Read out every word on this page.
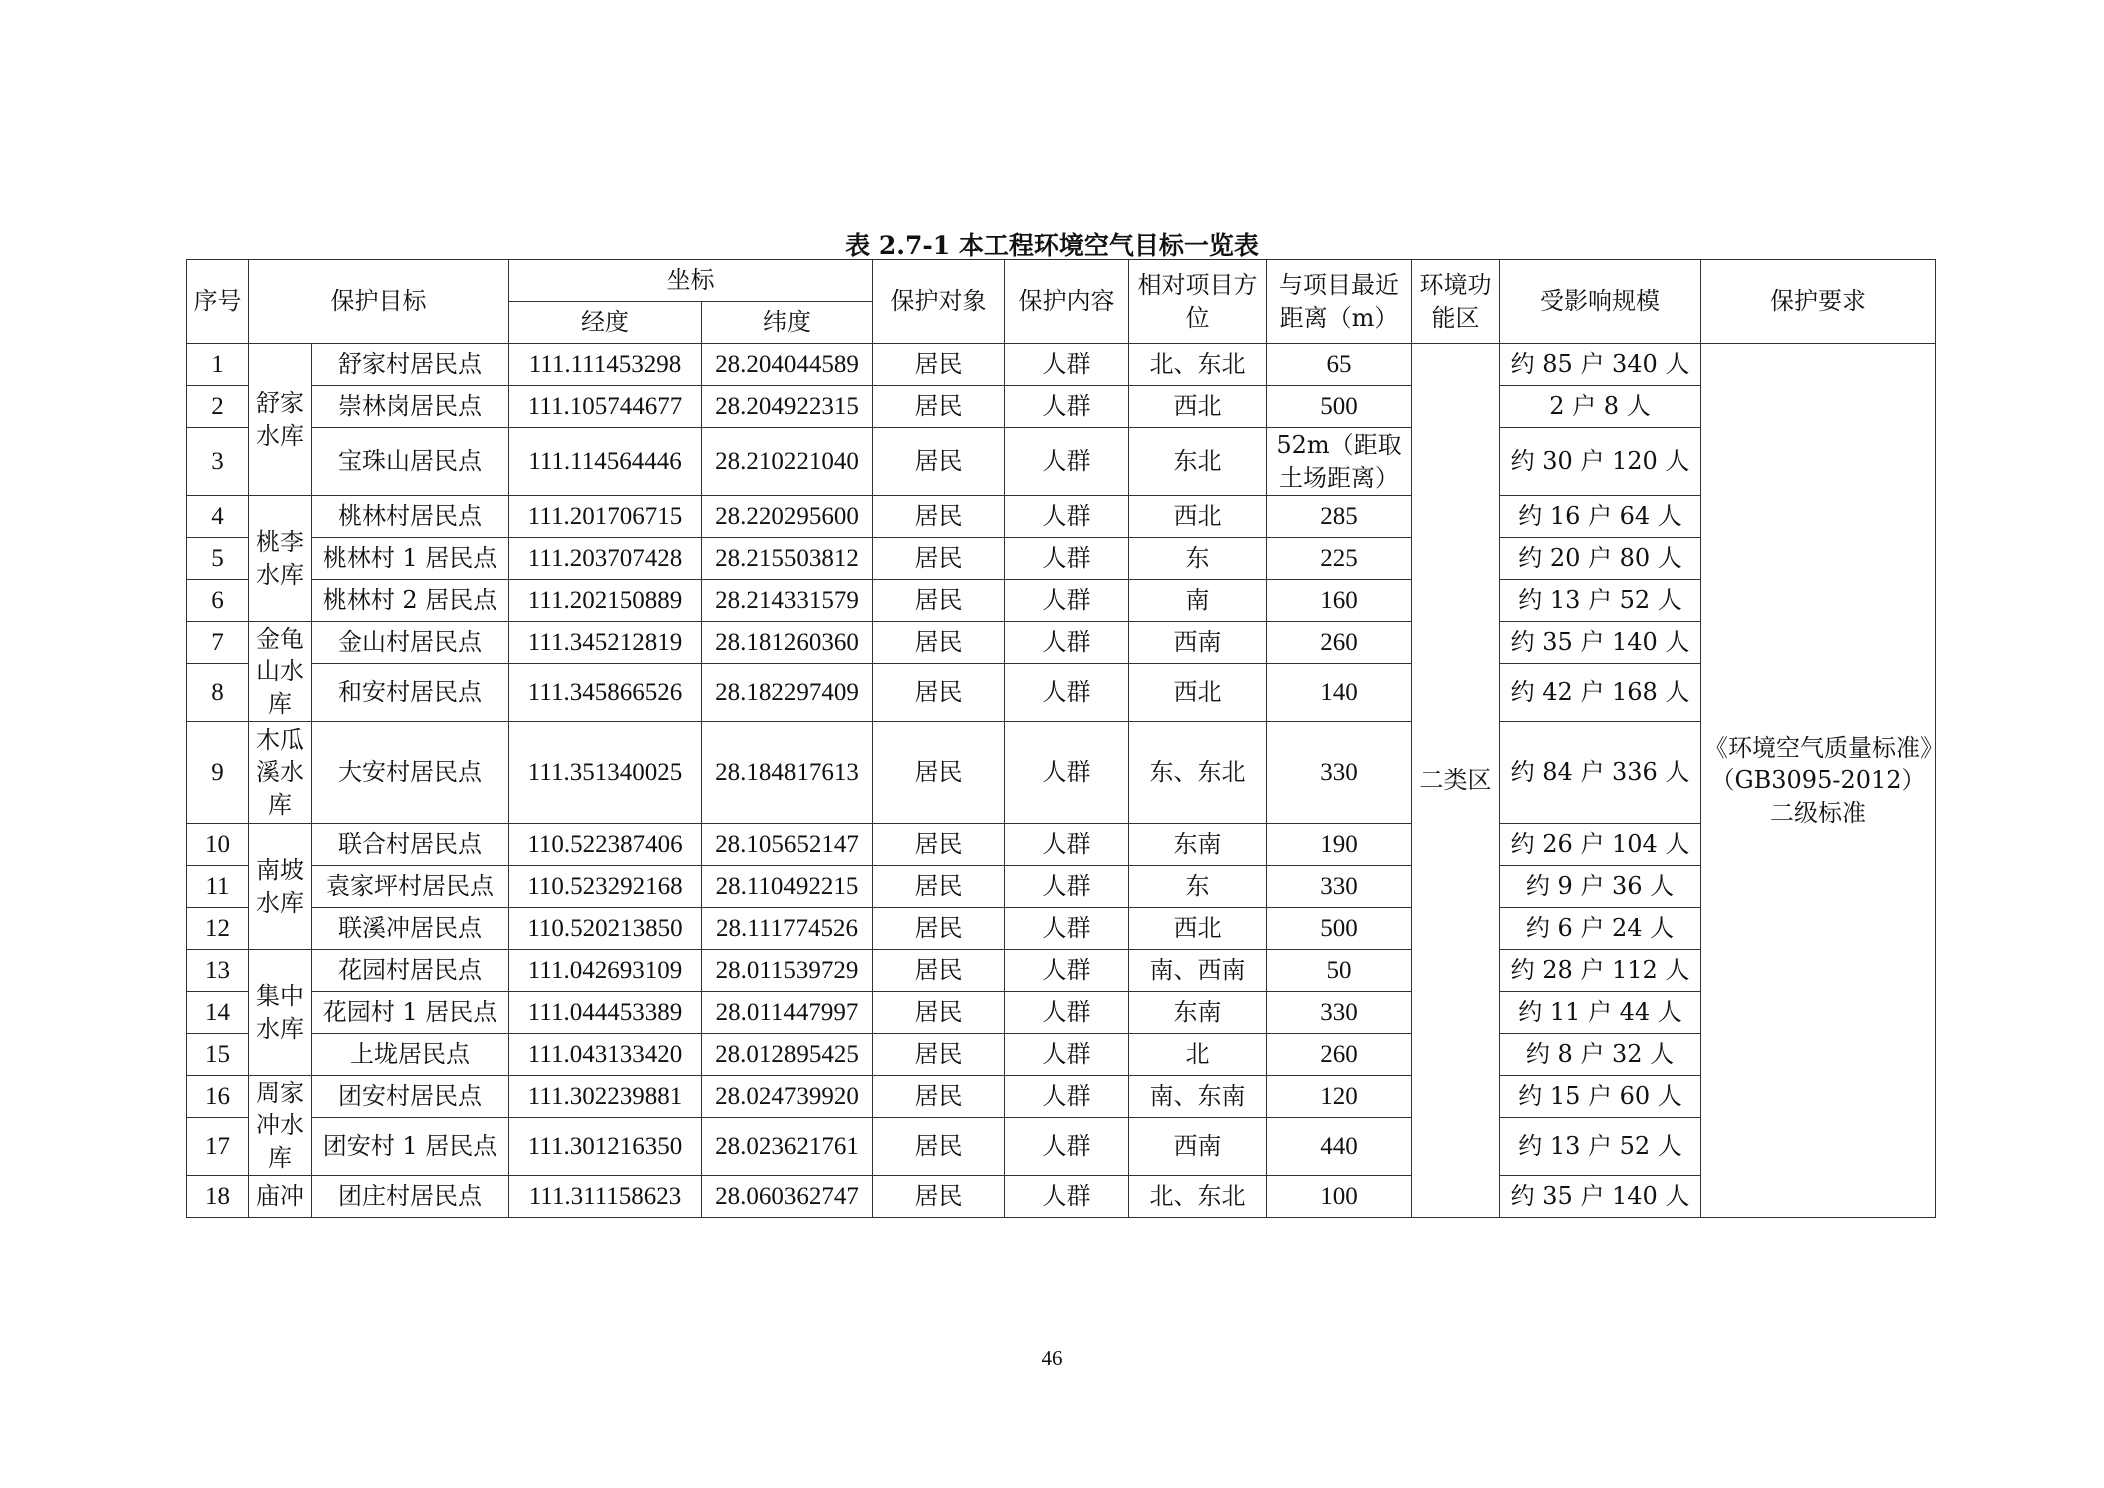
表 2.7-1 本工程环境空气目标一览表
序号	保护目标		坐标		保护对象	保护内容	相对项目方位	与项目最近距离（m）	环境功能区	受影响规模	保护要求
			经度	纬度							
1	舒家水库	舒家村居民点	111.111453298	28.204044589	居民	人群	北、东北	65	二类区	约 85 户 340 人	《环境空气质量标准》（GB3095-2012）二级标准
2		崇林岗居民点	111.105744677	28.204922315	居民	人群	西北	500		2 户 8 人	
3		宝珠山居民点	111.114564446	28.210221040	居民	人群	东北	52m（距取土场距离）		约 30 户 120 人	
4	桃李水库	桃林村居民点	111.201706715	28.220295600	居民	人群	西北	285		约 16 户 64 人	
5		桃林村 1 居民点	111.203707428	28.215503812	居民	人群	东	225		约 20 户 80 人	
6		桃林村 2 居民点	111.202150889	28.214331579	居民	人群	南	160		约 13 户 52 人	
7	金龟山水库	金山村居民点	111.345212819	28.181260360	居民	人群	西南	260		约 35 户 140 人	
8		和安村居民点	111.345866526	28.182297409	居民	人群	西北	140		约 42 户 168 人	
9	木瓜溪水库	大安村居民点	111.351340025	28.184817613	居民	人群	东、东北	330		约 84 户 336 人	
10	南坡水库	联合村居民点	110.522387406	28.105652147	居民	人群	东南	190		约 26 户 104 人	
11		袁家坪村居民点	110.523292168	28.110492215	居民	人群	东	330		约 9 户 36 人	
12		联溪冲居民点	110.520213850	28.111774526	居民	人群	西北	500		约 6 户 24 人	
13	集中水库	花园村居民点	111.042693109	28.011539729	居民	人群	南、西南	50		约 28 户 112 人	
14		花园村 1 居民点	111.044453389	28.011447997	居民	人群	东南	330		约 11 户 44 人	
15		上垅居民点	111.043133420	28.012895425	居民	人群	北	260		约 8 户 32 人	
16	周家冲水库	团安村居民点	111.302239881	28.024739920	居民	人群	南、东南	120		约 15 户 60 人	
17		团安村 1 居民点	111.301216350	28.023621761	居民	人群	西南	440		约 13 户 52 人	
18	庙冲	团庄村居民点	111.311158623	28.060362747	居民	人群	北、东北	100		约 35 户 140 人	
46
